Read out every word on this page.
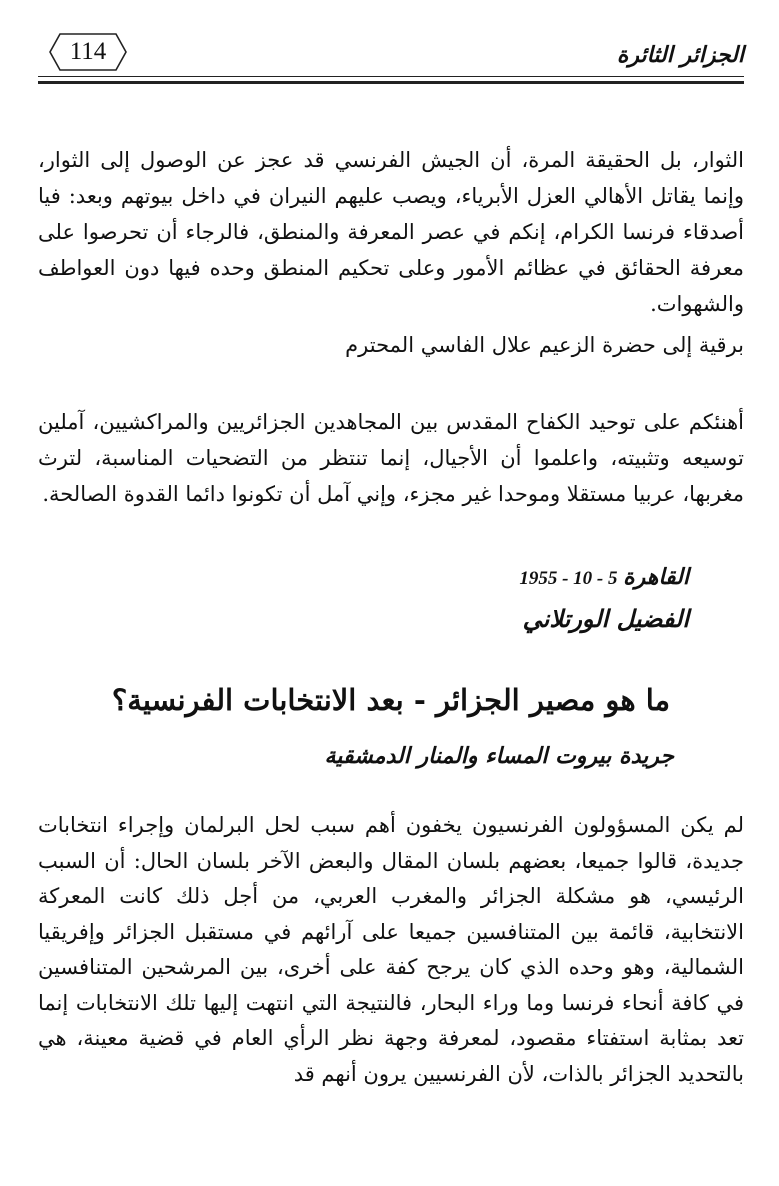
الجزائر الثائرة
114

الثوار، بل الحقيقة المرة، أن الجيش الفرنسي قد عجز عن الوصول إلى الثوار، وإنما يقاتل الأهالي العزل الأبرياء، ويصب عليهم النيران في داخل بيوتهم وبعد: فيا أصدقاء فرنسا الكرام، إنكم في عصر المعرفة والمنطق، فالرجاء أن تحرصوا على معرفة الحقائق في عظائم الأمور وعلى تحكيم المنطق وحده فيها دون العواطف والشهوات.

برقية إلى حضرة الزعيم علال الفاسي المحترم

أهنئكم على توحيد الكفاح المقدس بين المجاهدين الجزائريين والمراكشيين، آملين توسيعه وتثبيته، واعلموا أن الأجيال، إنما تنتظر من التضحيات المناسبة، لترث مغربها، عربيا مستقلا وموحدا غير مجزء، وإني آمل أن تكونوا دائما القدوة الصالحة.

القاهرة 1955 - 10 - 5
الفضيل الورتلاني
ما هو مصير الجزائر - بعد الانتخابات الفرنسية؟
جريدة بيروت المساء والمنار الدمشقية

لم يكن المسؤولون الفرنسيون يخفون أهم سبب لحل البرلمان وإجراء انتخابات جديدة، قالوا جميعا، بعضهم بلسان المقال والبعض الآخر بلسان الحال: أن السبب الرئيسي، هو مشكلة الجزائر والمغرب العربي، من أجل ذلك كانت المعركة الانتخابية، قائمة بين المتنافسين جميعا على آرائهم في مستقبل الجزائر وإفريقيا الشمالية، وهو وحده الذي كان يرجح كفة على أخرى، بين المرشحين المتنافسين في كافة أنحاء فرنسا وما وراء البحار، فالنتيجة التي انتهت إليها تلك الانتخابات إنما تعد بمثابة استفتاء مقصود، لمعرفة وجهة نظر الرأي العام في قضية معينة، هي بالتحديد الجزائر بالذات، لأن الفرنسيين يرون أنهم قد
